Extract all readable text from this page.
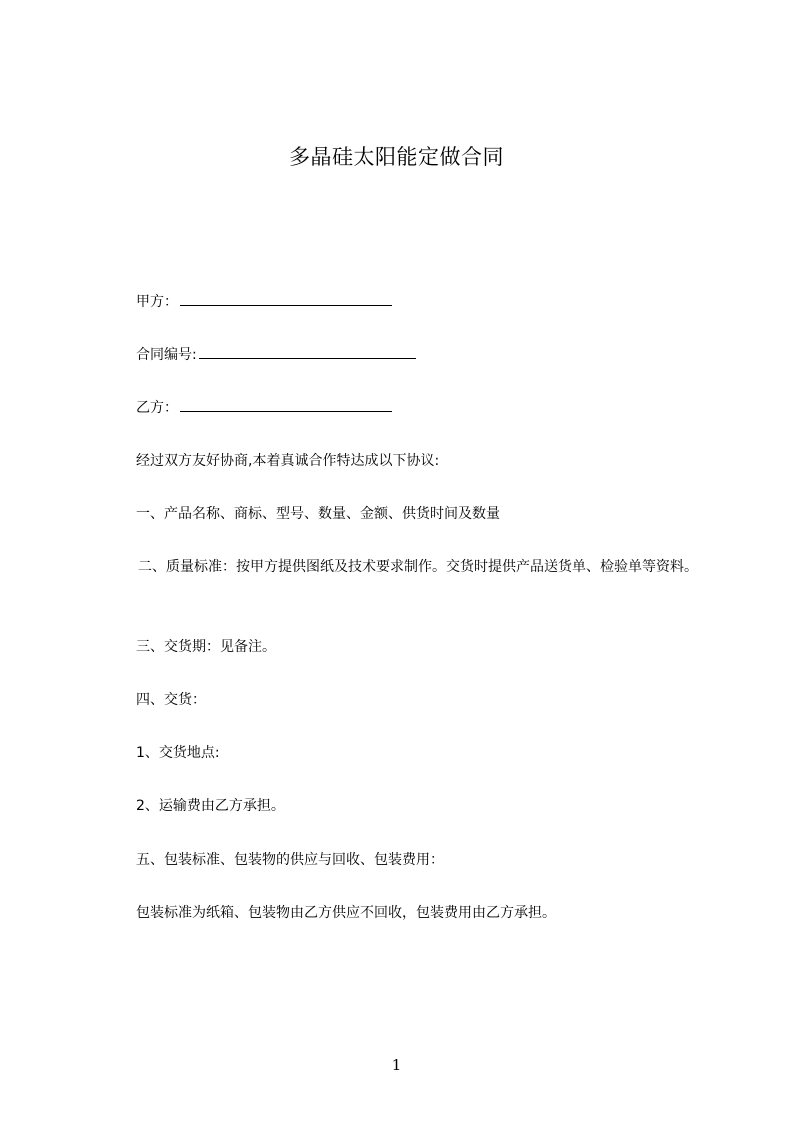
多晶硅太阳能定做合同
甲方：
合同编号:
乙方：
经过双方友好协商,本着真诚合作特达成以下协议:
一、产品名称、商标、型号、数量、金额、供货时间及数量
二、质量标准：按甲方提供图纸及技术要求制作。交货时提供产品送货单、检验单等资料。
三、交货期：见备注。
四、交货：
1、交货地点:
2、运输费由乙方承担。
五、包装标准、包装物的供应与回收、包装费用：
包装标准为纸箱、包装物由乙方供应不回收，包装费用由乙方承担。
1
